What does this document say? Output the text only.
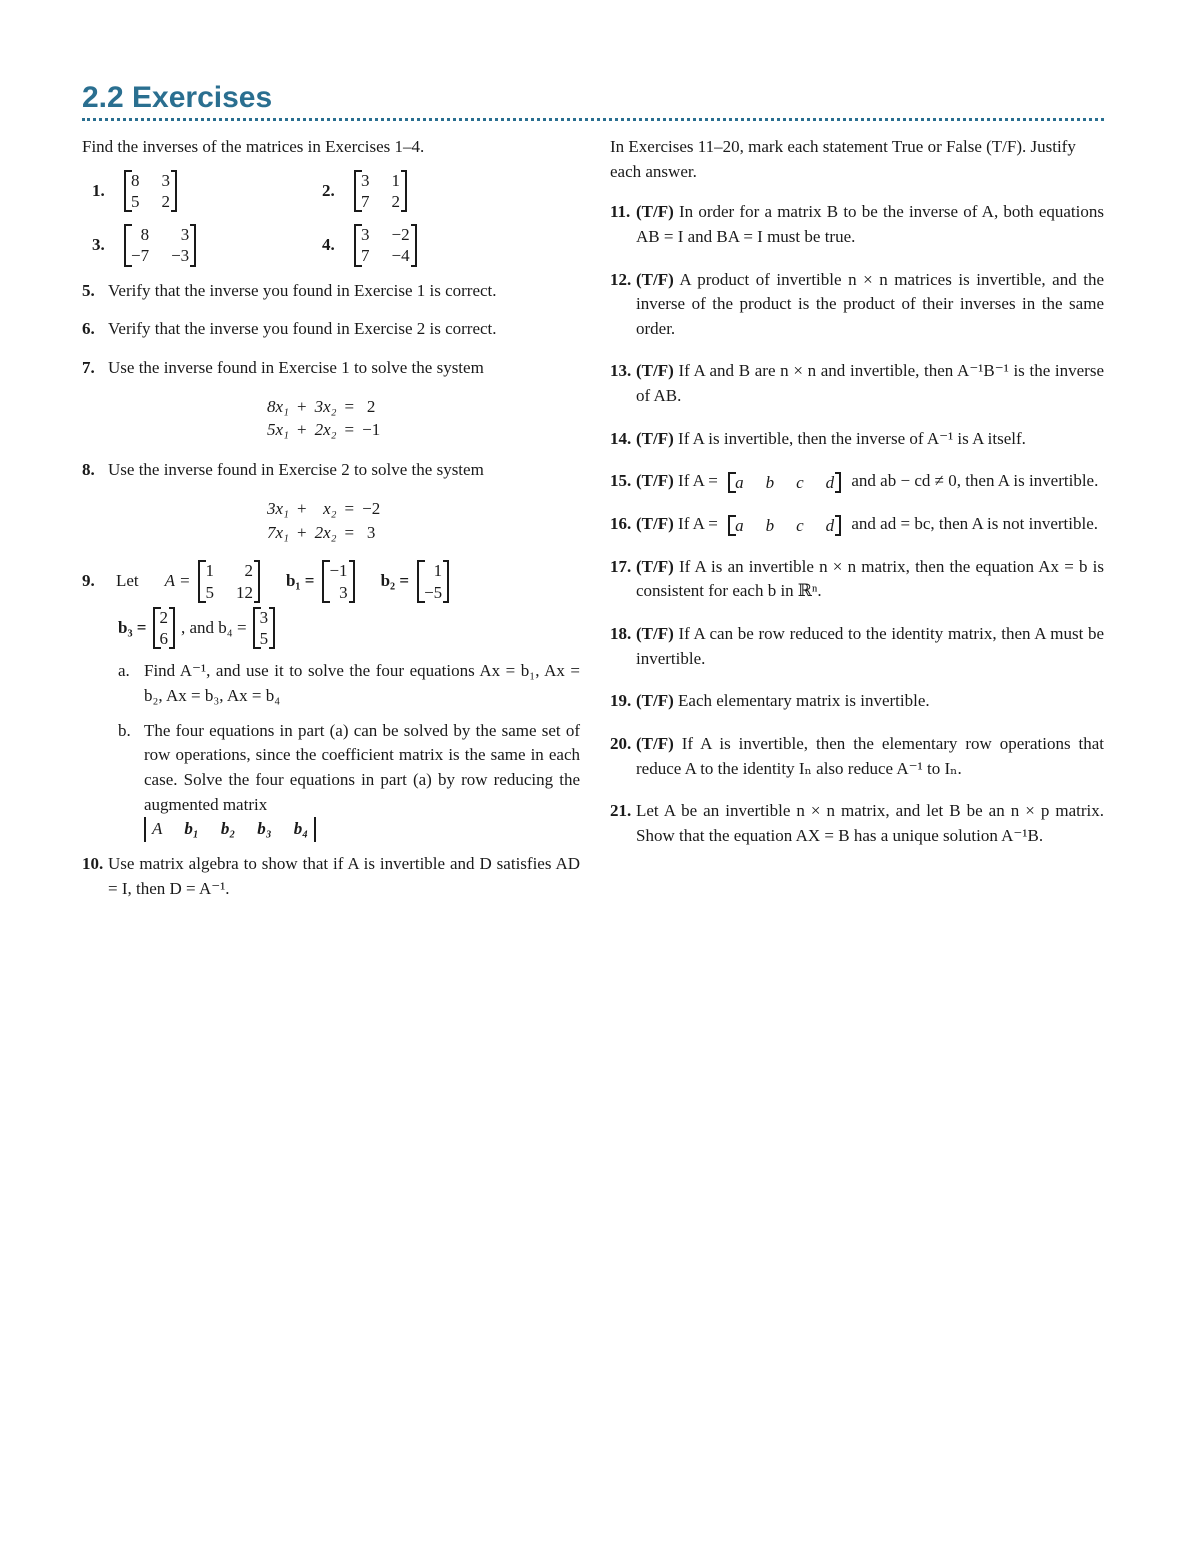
2.2 Exercises

Find the inverses of the matrices in Exercises 1–4.

1.
8 3
5 2
2.
3 1
7 2
3.
8	3
−7 −3
4.
3 −2
7 −4
5. Verify that the inverse you found in Exercise 1 is correct.
6. Verify that the inverse you found in Exercise 2 is correct.
7. Use the inverse found in Exercise 1 to solve the system
8x₁ + 3x₂ = 2
5x₁ + 2x₂ = −1
8. Use the inverse found in Exercise 2 to solve the system
3x₁ + x₂ = −2
7x₁ + 2x₂ = 3
9.	Let A =
1	2
5 12
b₁ =
−1
3
b₂ =
1
−5
b₃ =
2
6
, and b₄ =
3
5
a. Find A⁻¹, and use it to solve the four equations Ax = b₁, Ax = b₂, Ax = b₃, Ax = b₄
b. The four equations in part (a) can be solved by the same set of row operations, since the coefficient matrix is the same in each case. Solve the four equations in part (a) by row reducing the augmented matrix

A b₁ b₂ b₃ b₄
10. Use matrix algebra to show that if A is invertible and D satisfies AD = I, then D = A⁻¹.

In Exercises 11–20, mark each statement True or False (T/F). Justify each answer.

11. (T/F) In order for a matrix B to be the inverse of A, both equations AB = I and BA = I must be true.
12. (T/F) A product of invertible n × n matrices is invertible, and the inverse of the product is the product of their inverses in the same order.
13. (T/F) If A and B are n × n and invertible, then A⁻¹B⁻¹ is the inverse of AB.
14. (T/F) If A is invertible, then the inverse of A⁻¹ is A itself.
15. (T/F) If A = a b c d and ab − cd ≠ 0, then A is invertible.
16. (T/F) If A = a b c d and ad = bc, then A is not invertible.
17. (T/F) If A is an invertible n × n matrix, then the equation Ax = b is consistent for each b in ℝⁿ.
18. (T/F) If A can be row reduced to the identity matrix, then A must be invertible.
19. (T/F) Each elementary matrix is invertible.
20. (T/F) If A is invertible, then the elementary row operations that reduce A to the identity Iₙ also reduce A⁻¹ to Iₙ.
21. Let A be an invertible n × n matrix, and let B be an n × p matrix. Show that the equation AX = B has a unique solution A⁻¹B.
